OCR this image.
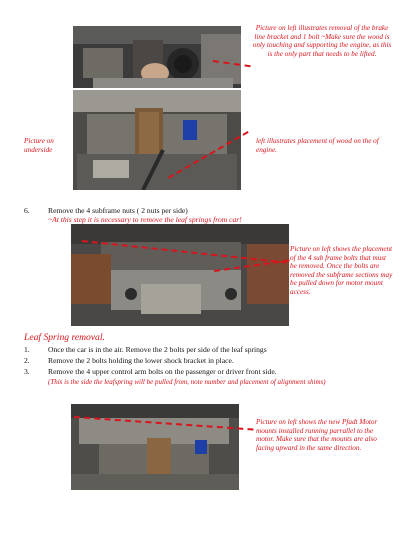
Picture on left illustrates removal of the brake line bracket and 1 bolt ~Make sure the wood is only touching and supporting the engine, as this is the only part that needs to be lifted.
Picture on underside
left illustrates placement of wood on the of engine.
Picture on left shows the placement of the 4 sub frame bolts that must be removed. Once the bolts are removed the subframe sections may be pulled down for motor mount access.
Picture on left shows the new Pfadt Motor mounts installed running parrallel to the motor. Make sure that the mounts are also facing upward in the same direction.
6. Remove the 4 subframe nuts ( 2 nuts per side)
~At this step it is necessary to remove the leaf springs from car!
Leaf Spring removal.
1. Once the car is in the air. Remove the 2 bolts per side of the leaf springs
2. Remove the 2 bolts holding the lower shock bracket in place.
3. Remove the 4 upper control arm bolts on the passenger or driver front side.
(This is the side the leafspring will be pulled from, note number and placement of alignment shims)
